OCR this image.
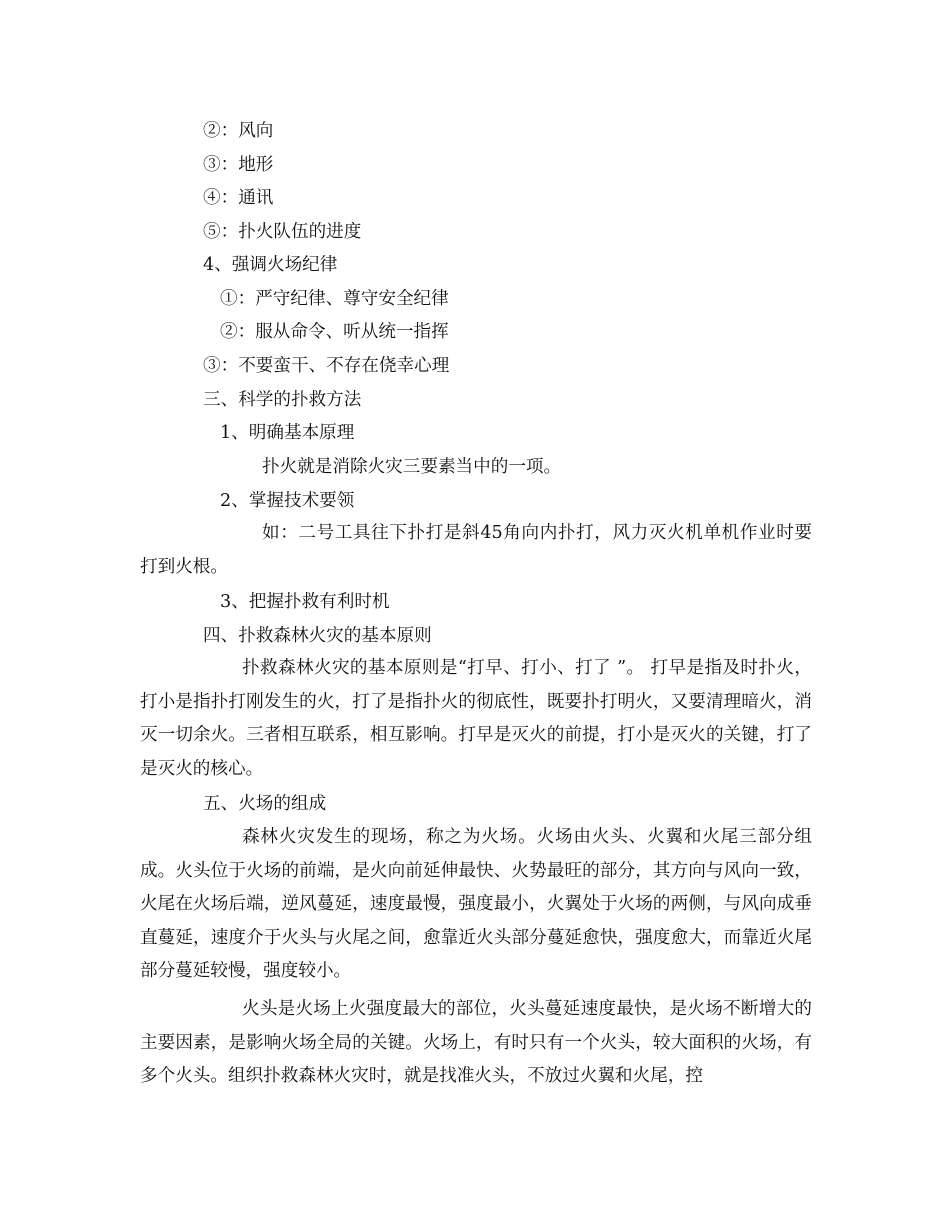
②：风向
③：地形
④：通讯
⑤：扑火队伍的进度
4、强调火场纪律
①：严守纪律、尊守安全纪律
②：服从命令、听从统一指挥
③：不要蛮干、不存在侥幸心理
三、科学的扑救方法
1、明确基本原理
扑火就是消除火灾三要素当中的一项。
2、掌握技术要领
如：二号工具往下扑打是斜45角向内扑打，风力灭火机单机作业时要打到火根。
3、把握扑救有利时机
四、扑救森林火灾的基本原则
扑救森林火灾的基本原则是“打早、打小、打了 ”。 打早是指及时扑火，打小是指扑打刚发生的火，打了是指扑火的彻底性，既要扑打明火，又要清理暗火，消灭一切余火。三者相互联系，相互影响。打早是灭火的前提，打小是灭火的关键，打了是灭火的核心。
五、火场的组成
森林火灾发生的现场，称之为火场。火场由火头、火翼和火尾三部分组成。火头位于火场的前端，是火向前延伸最快、火势最旺的部分，其方向与风向一致，火尾在火场后端，逆风蔓延，速度最慢，强度最小，火翼处于火场的两侧，与风向成垂直蔓延，速度介于火头与火尾之间，愈靠近火头部分蔓延愈快，强度愈大，而靠近火尾部分蔓延较慢，强度较小。
火头是火场上火强度最大的部位，火头蔓延速度最快，是火场不断增大的主要因素，是影响火场全局的关键。火场上，有时只有一个火头，较大面积的火场，有多个火头。组织扑救森林火灾时，就是找准火头，不放过火翼和火尾，控
